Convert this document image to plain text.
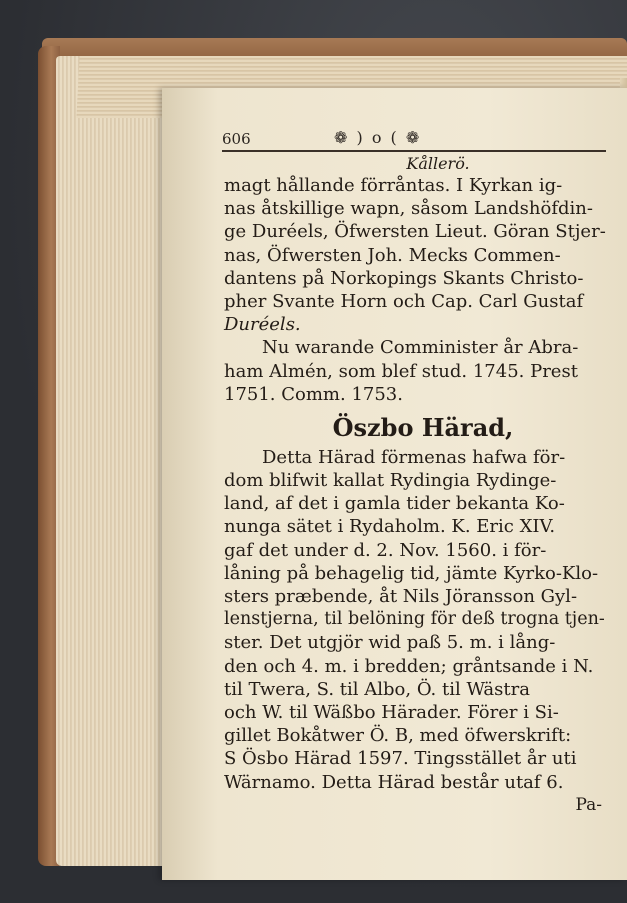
606	❁ ) o ( ❁
Kållerö.
magt hållande förråntas. I Kyrkan ig-
nas åtskillige wapn, såsom Landshöfdin-
ge Duréels, Öfwersten Lieut. Göran Stjer-
nas, Öfwersten Joh. Mecks Commen-
dantens på Norkopings Skants Christo-
pher Svante Horn och Cap. Carl Gustaf
Duréels.
Nu warande Comminister år Abra-
ham Almén, som blef stud. 1745. Prest
1751. Comm. 1753.
Öszbo Härad,
Detta Härad förmenas hafwa för-
dom blifwit kallat Rydingia Rydinge-
land, af det i gamla tider bekanta Ko-
nunga sätet i Rydaholm. K. Eric XIV.
gaf det under d. 2. Nov. 1560. i för-
låning på behagelig tid, jämte Kyrko-Klo-
sters præbende, åt Nils Jöransson Gyl-
lenstjerna, til belöning för deß trogna tjen-
ster. Det utgjör wid paß 5. m. i lång-
den och 4. m. i bredden; gråntsande i N.
til Twera, S. til Albo, Ö. til Wästra
och W. til Wäßbo Härader. Förer i Si-
gillet Bokåtwer Ö. B, med öfwerskrift:
S Ösbo Härad 1597. Tingsstället år uti
Wärnamo. Detta Härad består utaf 6.
Pa-
